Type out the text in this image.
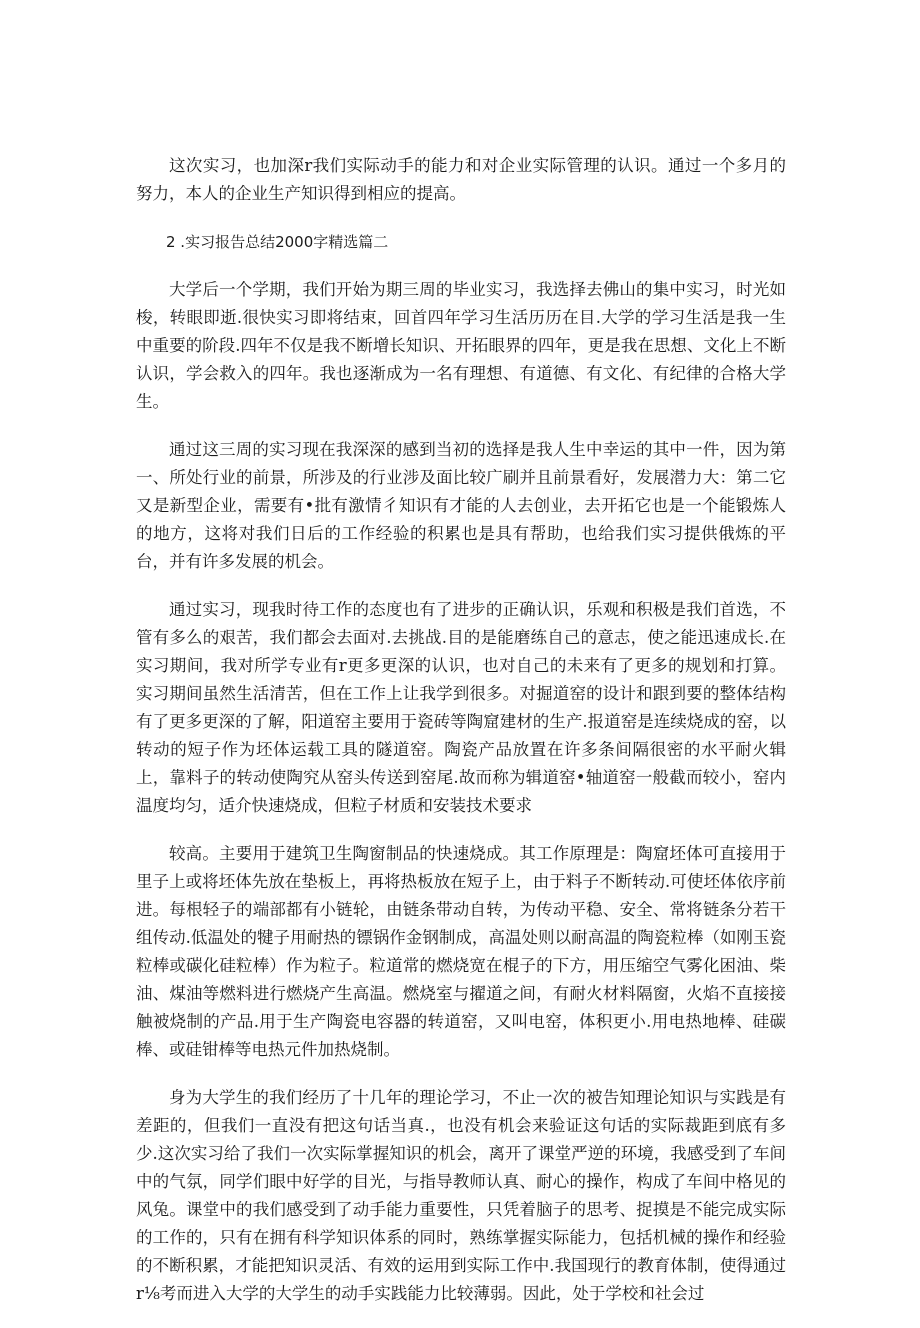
这次实习，也加深r我们实际动手的能力和对企业实际管理的认识。通过一个多月的努力，本人的企业生产知识得到相应的提高。

2 .实习报告总结2000字精选篇二

大学后一个学期，我们开始为期三周的毕业实习，我选择去佛山的集中实习，时光如梭，转眼即逝.很快实习即将结束，回首四年学习生活历历在目.大学的学习生活是我一生中重要的阶段.四年不仅是我不断增长知识、开拓眼界的四年，更是我在思想、文化上不断认识，学会救入的四年。我也逐渐成为一名有理想、有道德、有文化、有纪律的合格大学生。

通过这三周的实习现在我深深的感到当初的选择是我人生中幸运的其中一件，因为第一、所处行业的前景，所涉及的行业涉及面比较广刷并且前景看好，发展潜力大：第二它又是新型企业，需要有•批有激情彳知识有才能的人去创业，去开拓它也是一个能锻炼人的地方，这将对我们日后的工作经验的积累也是具有帮助，也给我们实习提供俄炼的平台，并有许多发展的机会。

通过实习，现我时待工作的态度也有了进步的正确认识，乐观和积极是我们首选，不管有多么的艰苦，我们都会去面对.去挑战.目的是能磨练自己的意志，使之能迅速成长.在实习期间，我对所学专业有r更多更深的认识，也对自己的未来有了更多的规划和打算。实习期间虽然生活清苦，但在工作上让我学到很多。对掘道窑的设计和跟到要的整体结构有了更多更深的了解，阳道窑主要用于瓷砖等陶窟建材的生产.报道窑是连续烧成的窑，以转动的短子作为坯体运载工具的隧道窑。陶瓷产品放置在许多条间隔很密的水平耐火辑上，靠料子的转动使陶究从窑头传送到窑尾.故而称为辑道窑•轴道窑一般截而较小，窑内温度均匀，适介快速烧成，但粒子材质和安装技术要求

较高。主要用于建筑卫生陶窗制品的快速烧成。其工作原理是：陶窟坯体可直接用于里子上或将坯体先放在垫板上，再将热板放在短子上，由于料子不断转动.可使坯体依序前进。每根轻子的端部都有小链轮，由链条带动自转，为传动平稳、安全、常将链条分若干组传动.低温处的犍子用耐热的镖锅作金钢制成，高温处则以耐高温的陶瓷粒棒（如刚玉瓷粒棒或碳化硅粒棒）作为粒子。粒道常的燃烧宽在棍子的下方，用压缩空气雾化困油、柴油、煤油等燃料进行燃烧产生高温。燃烧室与擢道之间，有耐火材料隔窗，火焰不直接接触被烧制的产品.用于生产陶瓷电容器的转道窑，又叫电窑，体积更小.用电热地棒、硅碳棒、或硅钳棒等电热元件加热烧制。

身为大学生的我们经历了十几年的理论学习，不止一次的被告知理论知识与实践是有差距的，但我们一直没有把这句话当真.，也没有机会来验证这句话的实际裁距到底有多少.这次实习给了我们一次实际掌握知识的机会，离开了课堂严逆的环境，我感受到了车间中的气氛，同学们眼中好学的目光，与指导教师认真、耐心的操作，构成了车间中格见的风兔。课堂中的我们感受到了动手能力重要性，只凭着脑子的思考、捉摸是不能完成实际的工作的，只有在拥有科学知识体系的同时，熟练掌握实际能力，包括机械的操作和经验的不断积累，才能把知识灵活、有效的运用到实际工作中.我国现行的教育体制，使得通过r⅛考而进入大学的大学生的动手实践能力比较薄弱。因此，处于学校和社会过
